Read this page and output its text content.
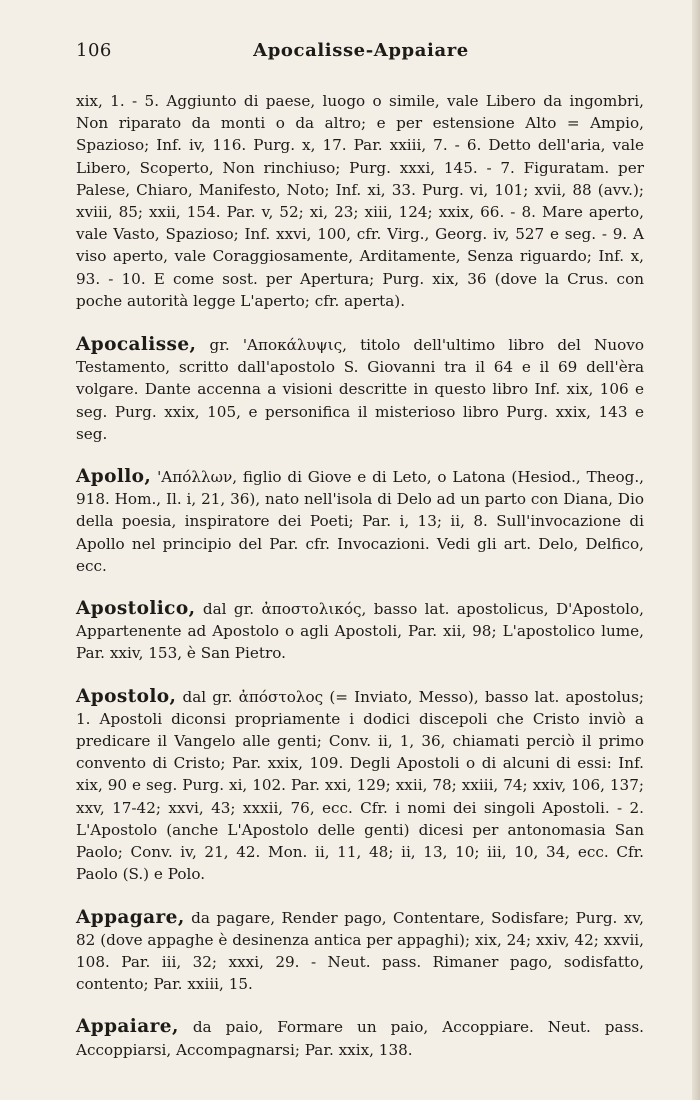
106	Apocalisse-Appaiare

xix, 1. - 5. Aggiunto di paese, luogo o simile, vale Libero da ingombri, Non riparato da monti o da altro; e per estensione Alto = Ampio, Spazioso; Inf. iv, 116. Purg. x, 17. Par. xxiii, 7. - 6. Detto dell'aria, vale Libero, Scoperto, Non rinchiuso; Purg. xxxi, 145. - 7. Figuratam. per Palese, Chiaro, Manifesto, Noto; Inf. xi, 33. Purg. vi, 101; xvii, 88 (avv.); xviii, 85; xxii, 154. Par. v, 52; xi, 23; xiii, 124; xxix, 66. - 8. Mare aperto, vale Vasto, Spazioso; Inf. xxvi, 100, cfr. Virg., Georg. iv, 527 e seg. - 9. A viso aperto, vale Coraggiosamente, Arditamente, Senza riguardo; Inf. x, 93. - 10. E come sost. per Apertura; Purg. xix, 36 (dove la Crus. con poche autorità legge L'aperto; cfr. aperta).

Apocalisse, gr. 'Αποκάλυψις, titolo dell'ultimo libro del Nuovo Testamento, scritto dall'apostolo S. Giovanni tra il 64 e il 69 dell'èra volgare. Dante accenna a visioni descritte in questo libro Inf. xix, 106 e seg. Purg. xxix, 105, e personifica il misterioso libro Purg. xxix, 143 e seg.

Apollo, 'Απόλλων, figlio di Giove e di Leto, o Latona (Hesiod., Theog., 918. Hom., Il. i, 21, 36), nato nell'isola di Delo ad un parto con Diana, Dio della poesia, inspiratore dei Poeti; Par. i, 13; ii, 8. Sull'invocazione di Apollo nel principio del Par. cfr. Invocazioni. Vedi gli art. Delo, Delfico, ecc.

Apostolico, dal gr. ἀποστολικός, basso lat. apostolicus, D'Apostolo, Appartenente ad Apostolo o agli Apostoli, Par. xii, 98; L'apostolico lume, Par. xxiv, 153, è San Pietro.

Apostolo, dal gr. ἀπόστολος (= Inviato, Messo), basso lat. apostolus; 1. Apostoli diconsi propriamente i dodici discepoli che Cristo inviò a predicare il Vangelo alle genti; Conv. ii, 1, 36, chiamati perciò il primo convento di Cristo; Par. xxix, 109. Degli Apostoli o di alcuni di essi: Inf. xix, 90 e seg. Purg. xi, 102. Par. xxi, 129; xxii, 78; xxiii, 74; xxiv, 106, 137; xxv, 17-42; xxvi, 43; xxxii, 76, ecc. Cfr. i nomi dei singoli Apostoli. - 2. L'Apostolo (anche L'Apostolo delle genti) dicesi per antonomasia San Paolo; Conv. iv, 21, 42. Mon. ii, 11, 48; ii, 13, 10; iii, 10, 34, ecc. Cfr. Paolo (S.) e Polo.

Appagare, da pagare, Render pago, Contentare, Sodisfare; Purg. xv, 82 (dove appaghe è desinenza antica per appaghi); xix, 24; xxiv, 42; xxvii, 108. Par. iii, 32; xxxi, 29. - Neut. pass. Rimaner pago, sodisfatto, contento; Par. xxiii, 15.

Appaiare, da paio, Formare un paio, Accoppiare. Neut. pass. Accoppiarsi, Accompagnarsi; Par. xxix, 138.
